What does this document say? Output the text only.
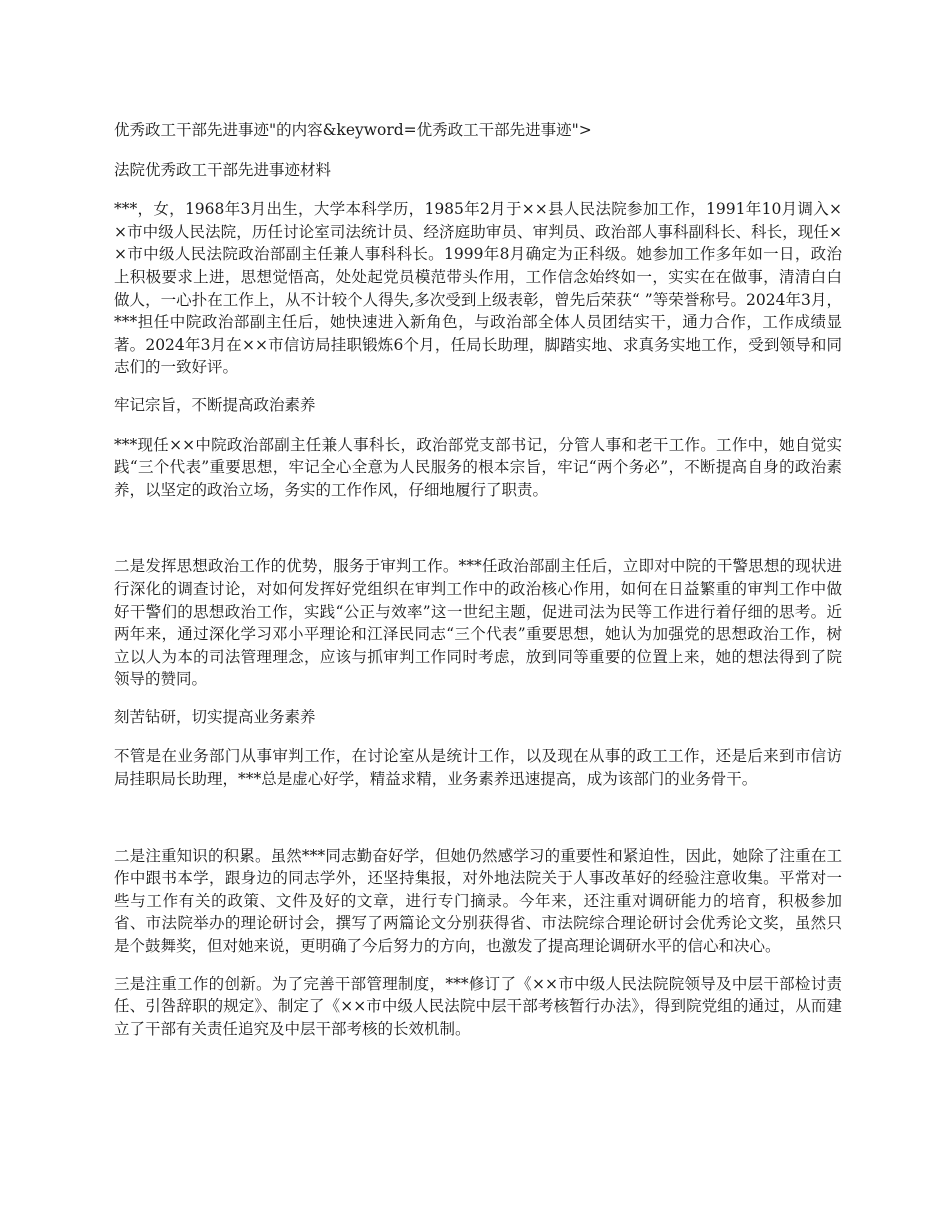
优秀政工干部先进事迹"的内容&keyword=优秀政工干部先进事迹">

法院优秀政工干部先进事迹材料

***，女，1968年3月出生，大学本科学历，1985年2月于××县人民法院参加工作，1991年10月调入××市中级人民法院，历任讨论室司法统计员、经济庭助审员、审判员、政治部人事科副科长、科长，现任××市中级人民法院政治部副主任兼人事科科长。1999年8月确定为正科级。她参加工作多年如一日，政治上积极要求上进，思想觉悟高，处处起党员模范带头作用，工作信念始终如一，实实在在做事，清清白白做人，一心扑在工作上，从不计较个人得失,多次受到上级表彰，曾先后荣获“ ”等荣誉称号。2024年3月，***担任中院政治部副主任后，她快速进入新角色，与政治部全体人员团结实干，通力合作，工作成绩显著。2024年3月在××市信访局挂职锻炼6个月，任局长助理，脚踏实地、求真务实地工作，受到领导和同志们的一致好评。

牢记宗旨，不断提高政治素养

***现任××中院政治部副主任兼人事科长，政治部党支部书记，分管人事和老干工作。工作中，她自觉实践“三个代表”重要思想，牢记全心全意为人民服务的根本宗旨，牢记“两个务必”，不断提高自身的政治素养，以坚定的政治立场，务实的工作作风，仔细地履行了职责。

二是发挥思想政治工作的优势，服务于审判工作。***任政治部副主任后，立即对中院的干警思想的现状进行深化的调查讨论，对如何发挥好党组织在审判工作中的政治核心作用，如何在日益繁重的审判工作中做好干警们的思想政治工作，实践“公正与效率”这一世纪主题，促进司法为民等工作进行着仔细的思考。近两年来，通过深化学习邓小平理论和江泽民同志“三个代表”重要思想，她认为加强党的思想政治工作，树立以人为本的司法管理理念，应该与抓审判工作同时考虑，放到同等重要的位置上来，她的想法得到了院领导的赞同。

刻苦钻研，切实提高业务素养

不管是在业务部门从事审判工作，在讨论室从是统计工作，以及现在从事的政工工作，还是后来到市信访局挂职局长助理，***总是虚心好学，精益求精，业务素养迅速提高，成为该部门的业务骨干。

二是注重知识的积累。虽然***同志勤奋好学，但她仍然感学习的重要性和紧迫性，因此，她除了注重在工作中跟书本学，跟身边的同志学外，还坚持集报，对外地法院关于人事改革好的经验注意收集。平常对一些与工作有关的政策、文件及好的文章，进行专门摘录。今年来，还注重对调研能力的培育，积极参加省、市法院举办的理论研讨会，撰写了两篇论文分别获得省、市法院综合理论研讨会优秀论文奖，虽然只是个鼓舞奖，但对她来说，更明确了今后努力的方向，也激发了提高理论调研水平的信心和决心。

三是注重工作的创新。为了完善干部管理制度，***修订了《××市中级人民法院院领导及中层干部检讨责任、引咎辞职的规定》、制定了《××市中级人民法院中层干部考核暂行办法》，得到院党组的通过，从而建立了干部有关责任追究及中层干部考核的长效机制。
